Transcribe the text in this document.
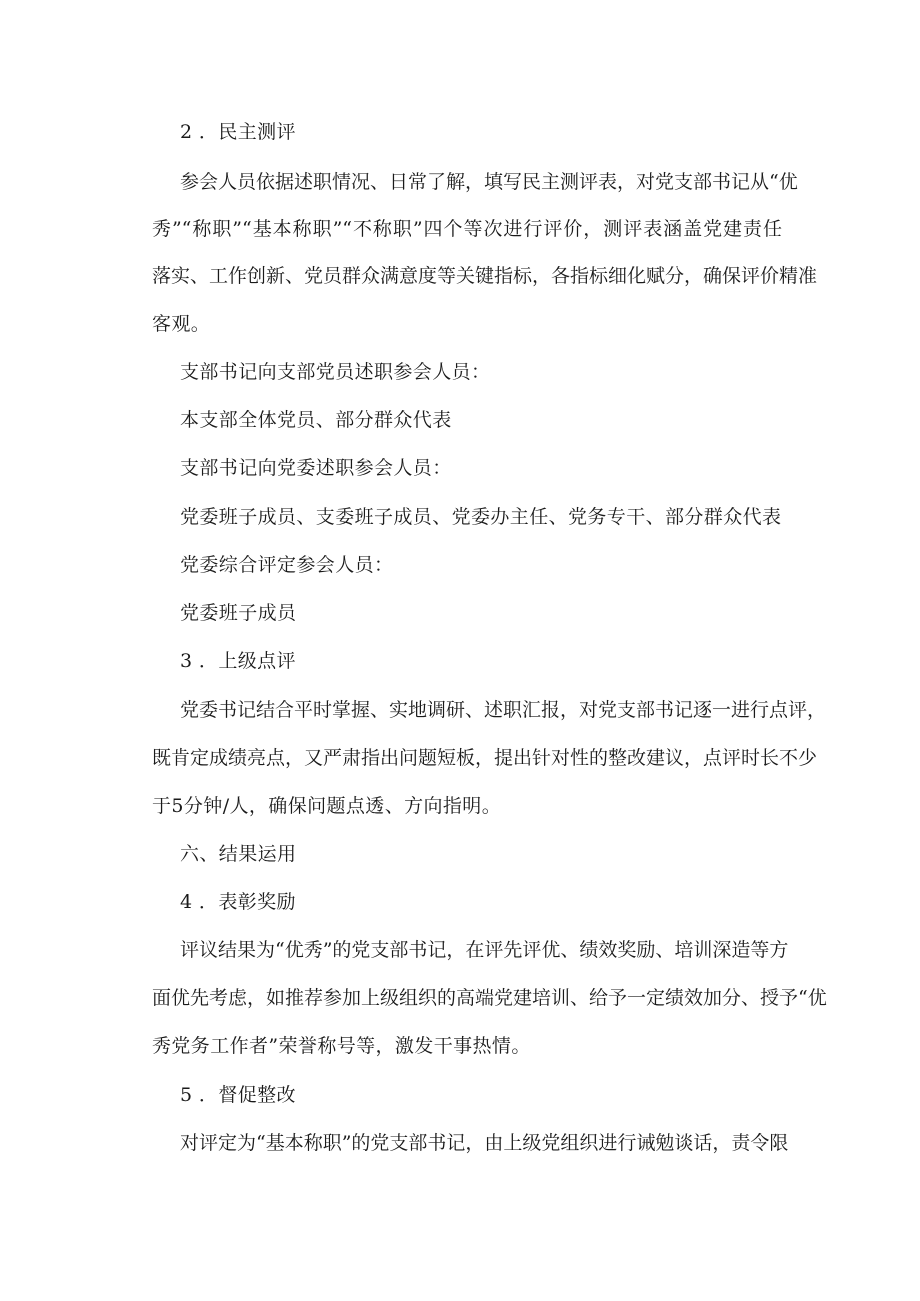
2 ．民主测评

参会人员依据述职情况、日常了解，填写民主测评表，对党支部书记从“优

秀”“称职”“基本称职”“不称职”四个等次进行评价，测评表涵盖党建责任

落实、工作创新、党员群众满意度等关键指标，各指标细化赋分，确保评价精准

客观。

支部书记向支部党员述职参会人员：

本支部全体党员、部分群众代表

支部书记向党委述职参会人员：

党委班子成员、支委班子成员、党委办主任、党务专干、部分群众代表

党委综合评定参会人员：

党委班子成员

3 ．上级点评

党委书记结合平时掌握、实地调研、述职汇报，对党支部书记逐一进行点评，

既肯定成绩亮点，又严肃指出问题短板，提出针对性的整改建议，点评时长不少

于5分钟/人，确保问题点透、方向指明。

六、结果运用

4 ．表彰奖励

评议结果为“优秀”的党支部书记，在评先评优、绩效奖励、培训深造等方

面优先考虑，如推荐参加上级组织的高端党建培训、给予一定绩效加分、授予“优

秀党务工作者”荣誉称号等，激发干事热情。

5 ．督促整改

对评定为“基本称职”的党支部书记，由上级党组织进行诫勉谈话，责令限
